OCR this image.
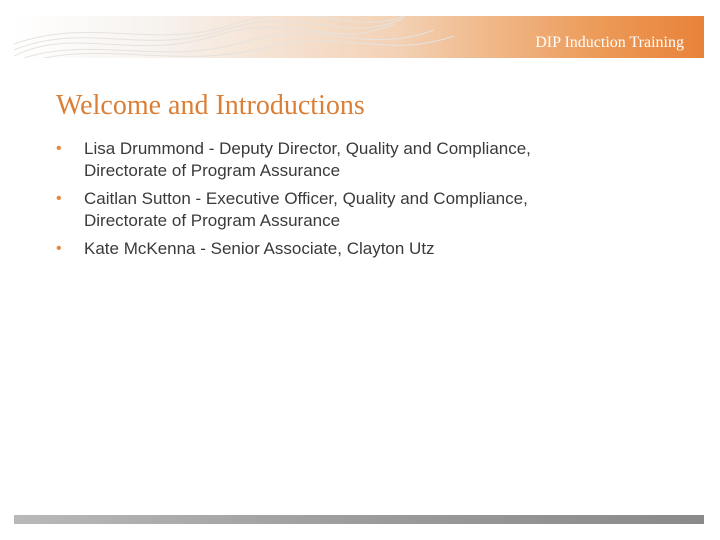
DIP Induction Training
Welcome and Introductions
•	Lisa Drummond - Deputy Director, Quality and Compliance,
Directorate of Program Assurance
•	Caitlan Sutton - Executive Officer, Quality and Compliance,
Directorate of Program Assurance
•	Kate McKenna - Senior Associate, Clayton Utz
